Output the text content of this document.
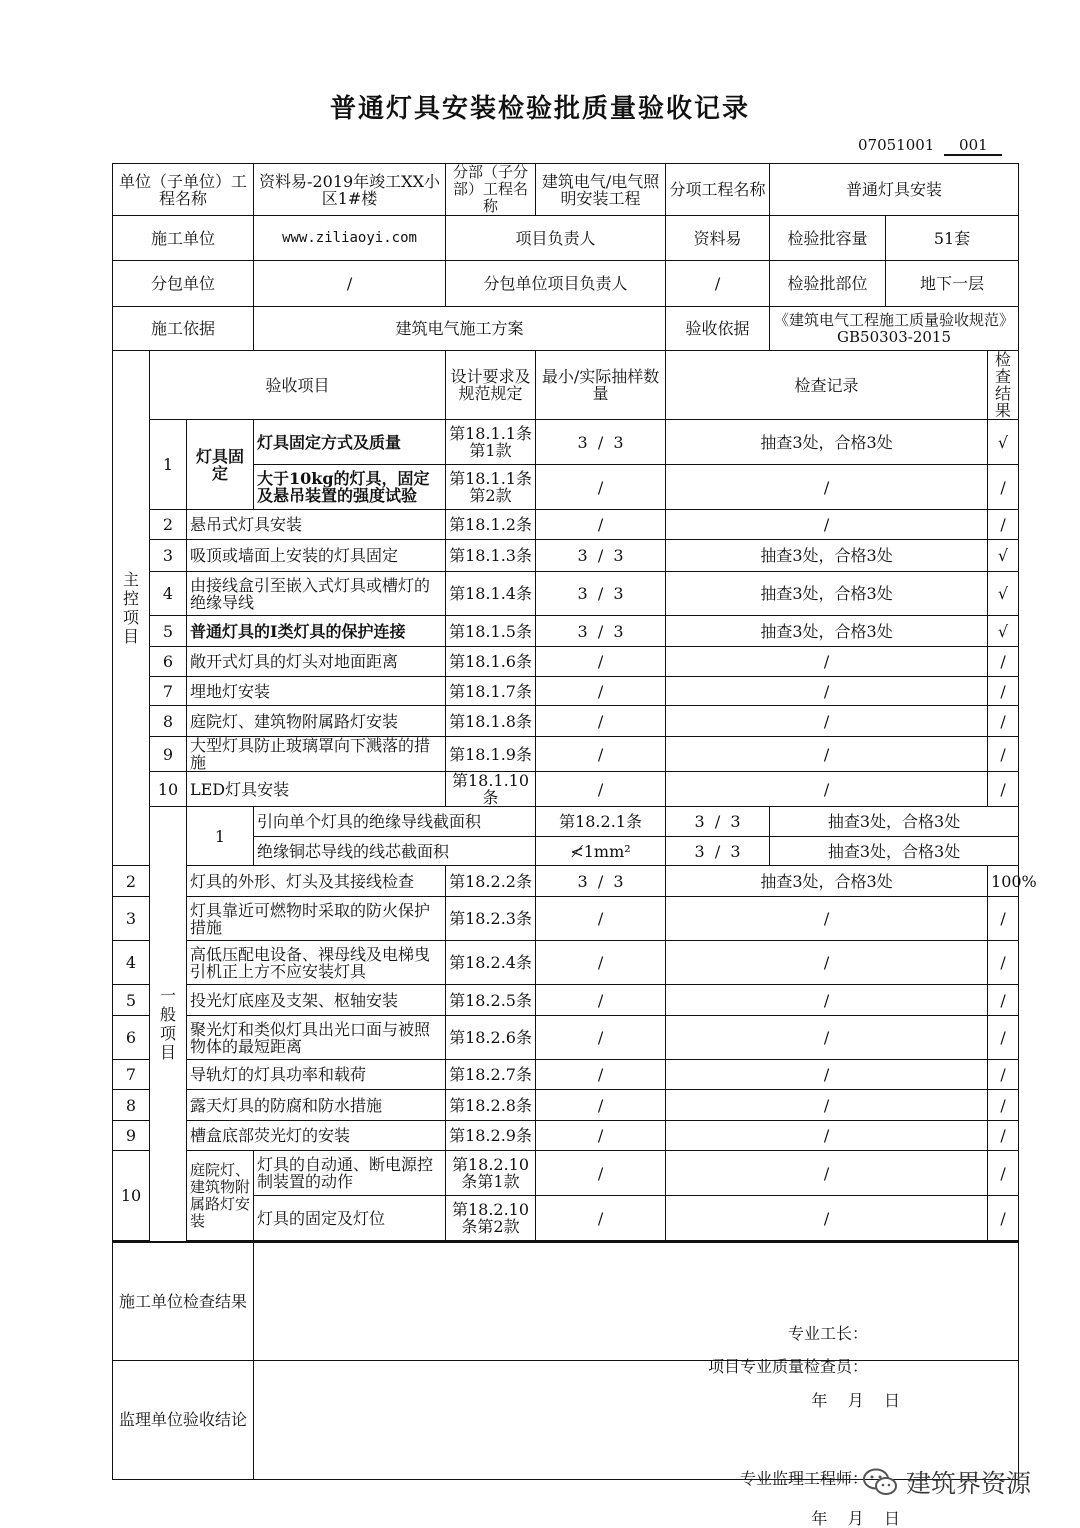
普通灯具安装检验批质量验收记录
07051001 001
单位（子单位）工程名称			资料易-2019年竣工XX小区1#楼	分部（子分部）工程名称	建筑电气/电气照明安装工程	分项工程名称	普通灯具安装			
施工单位			www.ziliaoyi.com	项目负责人		资料易	检验批容量	51套		
分包单位			/	分包单位项目负责人		/	检验批部位	地下一层		
施工依据			建筑电气施工方案			验收依据	《建筑电气工程施工质量验收规范》GB50303-2015			
主控项目	验收项目			设计要求及规范规定	最小/实际抽样数量	检查记录			检查结果	
	1	灯具固定	灯具固定方式及质量	第18.1.1条第1款	3  /  3	抽查3处，合格3处			√	
			大于10kg的灯具，固定及悬吊装置的强度试验	第18.1.1条第2款	/	/			/	
	2	悬吊式灯具安装		第18.1.2条	/	/			/	
	3	吸顶或墙面上安装的灯具固定		第18.1.3条	3  /  3	抽查3处，合格3处			√	
	4	由接线盒引至嵌入式灯具或槽灯的绝缘导线		第18.1.4条	3  /  3	抽查3处，合格3处			√	
	5	普通灯具的I类灯具的保护连接		第18.1.5条	3  /  3	抽查3处，合格3处			√	
	6	敞开式灯具的灯头对地面距离		第18.1.6条	/	/			/	
	7	埋地灯安装		第18.1.7条	/	/			/	
	8	庭院灯、建筑物附属路灯安装		第18.1.8条	/	/			/	
	9	大型灯具防止玻璃罩向下溅落的措施		第18.1.9条	/	/			/	
	10	LED灯具安装		第18.1.10条	/	/			/	
	一般项目	1	引向单个灯具的绝缘导线截面积		第18.2.1条	3  /  3	抽查3处，合格3处	
			绝缘铜芯导线的线芯截面积		≮1mm²	3  /  3	抽查3处，合格3处	
2		灯具的外形、灯头及其接线检查		第18.2.2条	3  /  3	抽查3处，合格3处			100%	
3		灯具靠近可燃物时采取的防火保护措施		第18.2.3条	/	/			/	
4		高低压配电设备、裸母线及电梯曳引机正上方不应安装灯具		第18.2.4条	/	/			/	
5		投光灯底座及支架、枢轴安装		第18.2.5条	/	/			/	
6		聚光灯和类似灯具出光口面与被照物体的最短距离		第18.2.6条	/	/			/	
7		导轨灯的灯具功率和载荷		第18.2.7条	/	/			/	
8		露天灯具的防腐和防水措施		第18.2.8条	/	/			/	
9		槽盒底部荧光灯的安装		第18.2.9条	/	/			/	
10		庭院灯、建筑物附属路灯安装	灯具的自动通、断电源控制装置的动作	第18.2.10条第1款	/	/			/	
			灯具的固定及灯位	第18.2.10条第2款	/	/			/	

施工单位检查结果			专业工长：
项目专业质量检查员：
年    月    日							

监理单位验收结论			专业监理工程师：
年    月    日							
建筑界资源
